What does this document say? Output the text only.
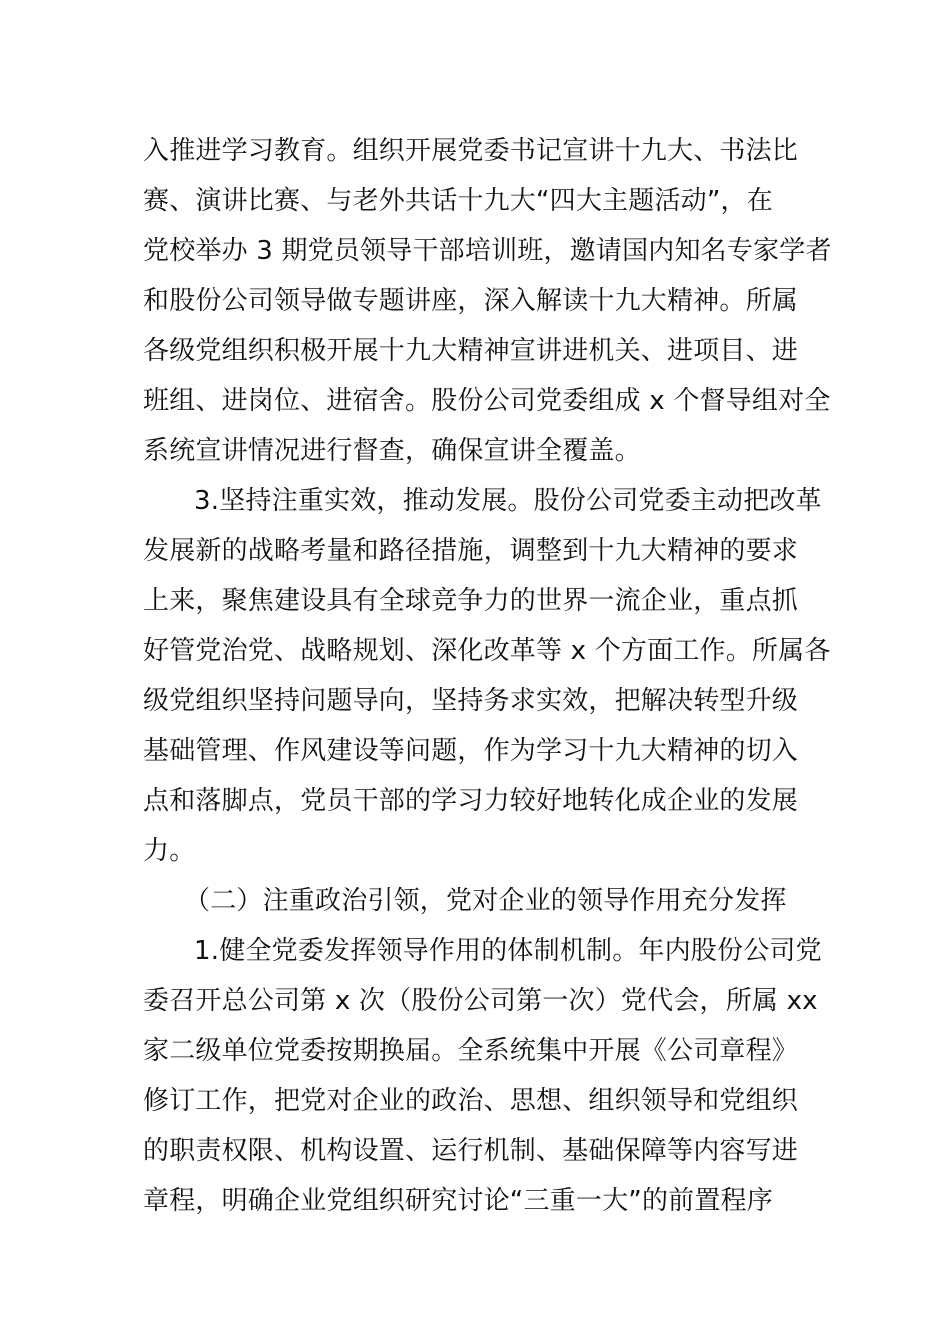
入推进学习教育。组织开展党委书记宣讲十九大、书法比
赛、演讲比赛、与老外共话十九大“四大主题活动”，在
党校举办 3 期党员领导干部培训班，邀请国内知名专家学者
和股份公司领导做专题讲座，深入解读十九大精神。所属
各级党组织积极开展十九大精神宣讲进机关、进项目、进
班组、进岗位、进宿舍。股份公司党委组成 x 个督导组对全
系统宣讲情况进行督查，确保宣讲全覆盖。
3.坚持注重实效，推动发展。股份公司党委主动把改革
发展新的战略考量和路径措施，调整到十九大精神的要求
上来，聚焦建设具有全球竞争力的世界一流企业，重点抓
好管党治党、战略规划、深化改革等 x 个方面工作。所属各
级党组织坚持问题导向，坚持务求实效，把解决转型升级
基础管理、作风建设等问题，作为学习十九大精神的切入
点和落脚点，党员干部的学习力较好地转化成企业的发展
力。
（二）注重政治引领，党对企业的领导作用充分发挥
1.健全党委发挥领导作用的体制机制。年内股份公司党
委召开总公司第 x 次（股份公司第一次）党代会，所属 xx
家二级单位党委按期换届。全系统集中开展《公司章程》
修订工作，把党对企业的政治、思想、组织领导和党组织
的职责权限、机构设置、运行机制、基础保障等内容写进
章程，明确企业党组织研究讨论“三重一大”的前置程序
